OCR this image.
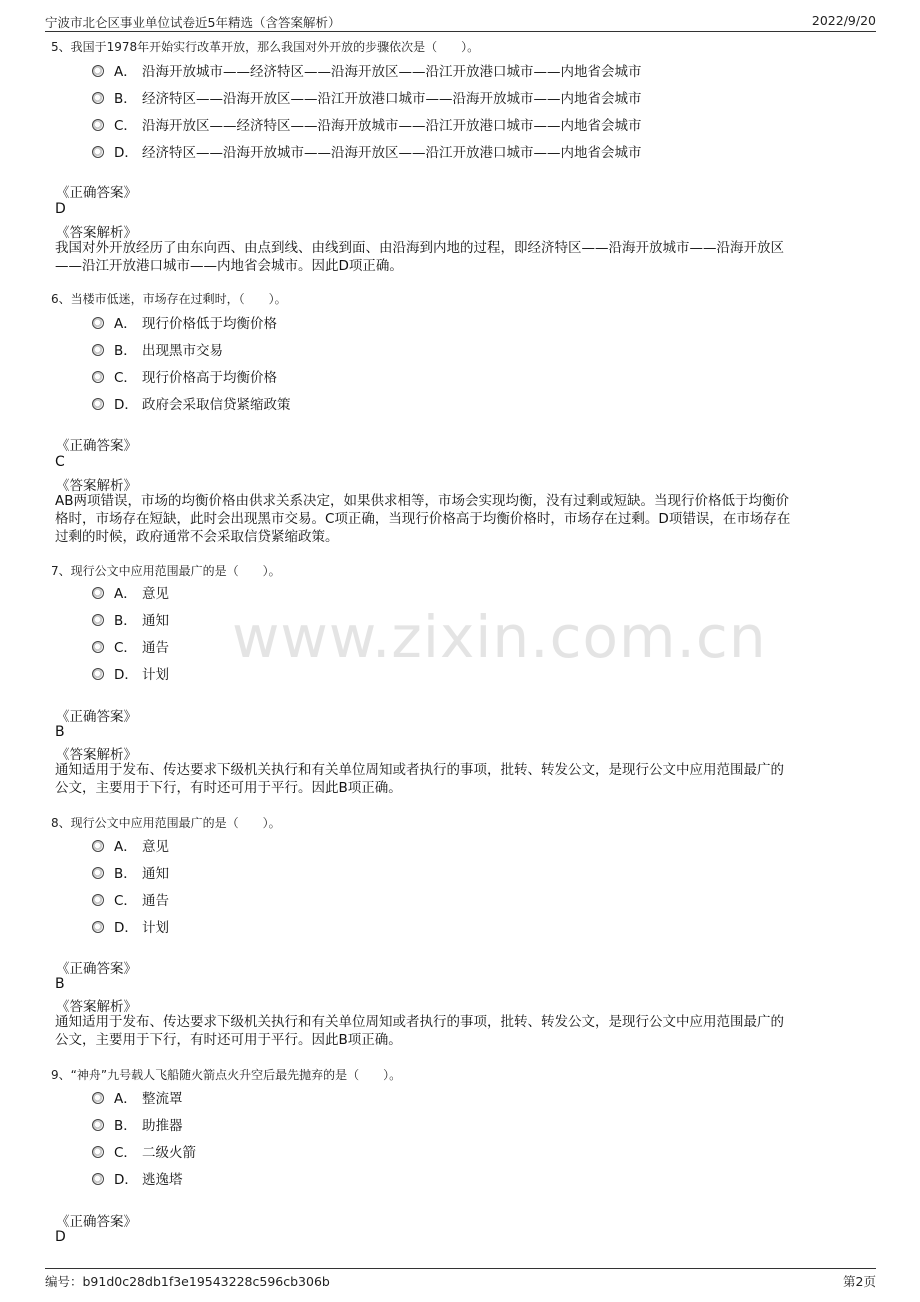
宁波市北仑区事业单位试卷近5年精选（含答案解析）	2022/9/20
www.zixin.com.cn
5、我国于1978年开始实行改革开放，那么我国对外开放的步骤依次是（　　）。
A． 沿海开放城市——经济特区——沿海开放区——沿江开放港口城市——内地省会城市
B． 经济特区——沿海开放区——沿江开放港口城市——沿海开放城市——内地省会城市
C． 沿海开放区——经济特区——沿海开放城市——沿江开放港口城市——内地省会城市
D． 经济特区——沿海开放城市——沿海开放区——沿江开放港口城市——内地省会城市
《正确答案》
D
《答案解析》
我国对外开放经历了由东向西、由点到线、由线到面、由沿海到内地的过程，即经济特区——沿海开放城市——沿海开放区
——沿江开放港口城市——内地省会城市。因此D项正确。
6、当楼市低迷，市场存在过剩时，（　　）。
A． 现行价格低于均衡价格
B． 出现黑市交易
C． 现行价格高于均衡价格
D． 政府会采取信贷紧缩政策
《正确答案》
C
《答案解析》
AB两项错误，市场的均衡价格由供求关系决定，如果供求相等，市场会实现均衡，没有过剩或短缺。当现行价格低于均衡价
格时，市场存在短缺，此时会出现黑市交易。C项正确，当现行价格高于均衡价格时，市场存在过剩。D项错误，在市场存在
过剩的时候，政府通常不会采取信贷紧缩政策。
7、现行公文中应用范围最广的是（　　）。
A． 意见
B． 通知
C． 通告
D． 计划
《正确答案》
B
《答案解析》
通知适用于发布、传达要求下级机关执行和有关单位周知或者执行的事项，批转、转发公文，是现行公文中应用范围最广的
公文，主要用于下行，有时还可用于平行。因此B项正确。
8、现行公文中应用范围最广的是（　　）。
A． 意见
B． 通知
C． 通告
D． 计划
《正确答案》
B
《答案解析》
通知适用于发布、传达要求下级机关执行和有关单位周知或者执行的事项，批转、转发公文，是现行公文中应用范围最广的
公文，主要用于下行，有时还可用于平行。因此B项正确。
9、“神舟”九号载人飞船随火箭点火升空后最先抛弃的是（　　）。
A． 整流罩
B． 助推器
C． 二级火箭
D． 逃逸塔
《正确答案》
D
编号：b91d0c28db1f3e19543228c596cb306b	第2页
